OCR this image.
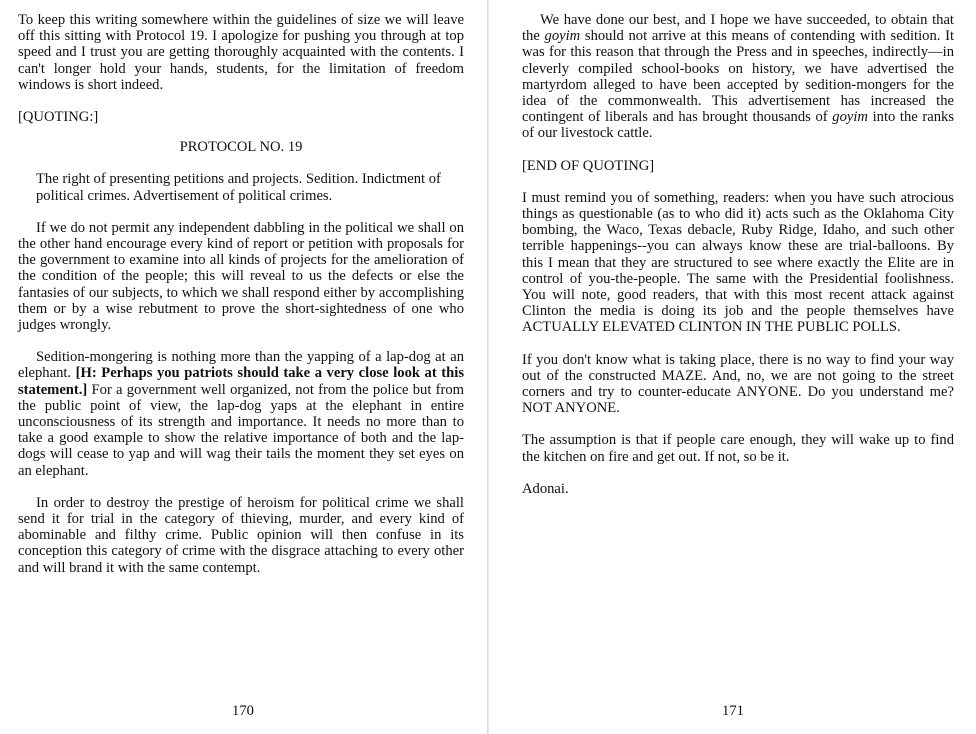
To keep this writing somewhere within the guidelines of size we will leave off this sitting with Protocol 19. I apologize for pushing you through at top speed and I trust you are getting thoroughly acquainted with the contents. I can't longer hold your hands, students, for the limitation of freedom windows is short indeed.

[QUOTING:]

PROTOCOL NO. 19

The right of presenting petitions and projects. Sedition. Indictment of political crimes. Advertisement of political crimes.

If we do not permit any independent dabbling in the political we shall on the other hand encourage every kind of report or petition with proposals for the government to examine into all kinds of projects for the amelioration of the condition of the people; this will reveal to us the defects or else the fantasies of our subjects, to which we shall respond either by accomplishing them or by a wise rebutment to prove the short-sightedness of one who judges wrongly.

Sedition-mongering is nothing more than the yapping of a lap-dog at an elephant. [H: Perhaps you patriots should take a very close look at this statement.] For a government well organized, not from the police but from the public point of view, the lap-dog yaps at the elephant in entire unconsciousness of its strength and importance. It needs no more than to take a good example to show the relative importance of both and the lap-dogs will cease to yap and will wag their tails the moment they set eyes on an elephant.

In order to destroy the prestige of heroism for political crime we shall send it for trial in the category of thieving, murder, and every kind of abominable and filthy crime. Public opinion will then confuse in its conception this category of crime with the disgrace attaching to every other and will brand it with the same contempt.

170

We have done our best, and I hope we have succeeded, to obtain that the goyim should not arrive at this means of contending with sedition. It was for this reason that through the Press and in speeches, indirectly—in cleverly compiled school-books on history, we have advertised the martyrdom alleged to have been accepted by sedition-mongers for the idea of the commonwealth. This advertisement has increased the contingent of liberals and has brought thousands of goyim into the ranks of our livestock cattle.

[END OF QUOTING]

I must remind you of something, readers: when you have such atrocious things as questionable (as to who did it) acts such as the Oklahoma City bombing, the Waco, Texas debacle, Ruby Ridge, Idaho, and such other terrible happenings--you can always know these are trial-balloons. By this I mean that they are structured to see where exactly the Elite are in control of you-the-people. The same with the Presidential foolishness. You will note, good readers, that with this most recent attack against Clinton the media is doing its job and the people themselves have ACTUALLY ELEVATED CLINTON IN THE PUBLIC POLLS.

If you don't know what is taking place, there is no way to find your way out of the constructed MAZE. And, no, we are not going to the street corners and try to counter-educate ANYONE. Do you understand me? NOT ANYONE.

The assumption is that if people care enough, they will wake up to find the kitchen on fire and get out. If not, so be it.

Adonai.

171
